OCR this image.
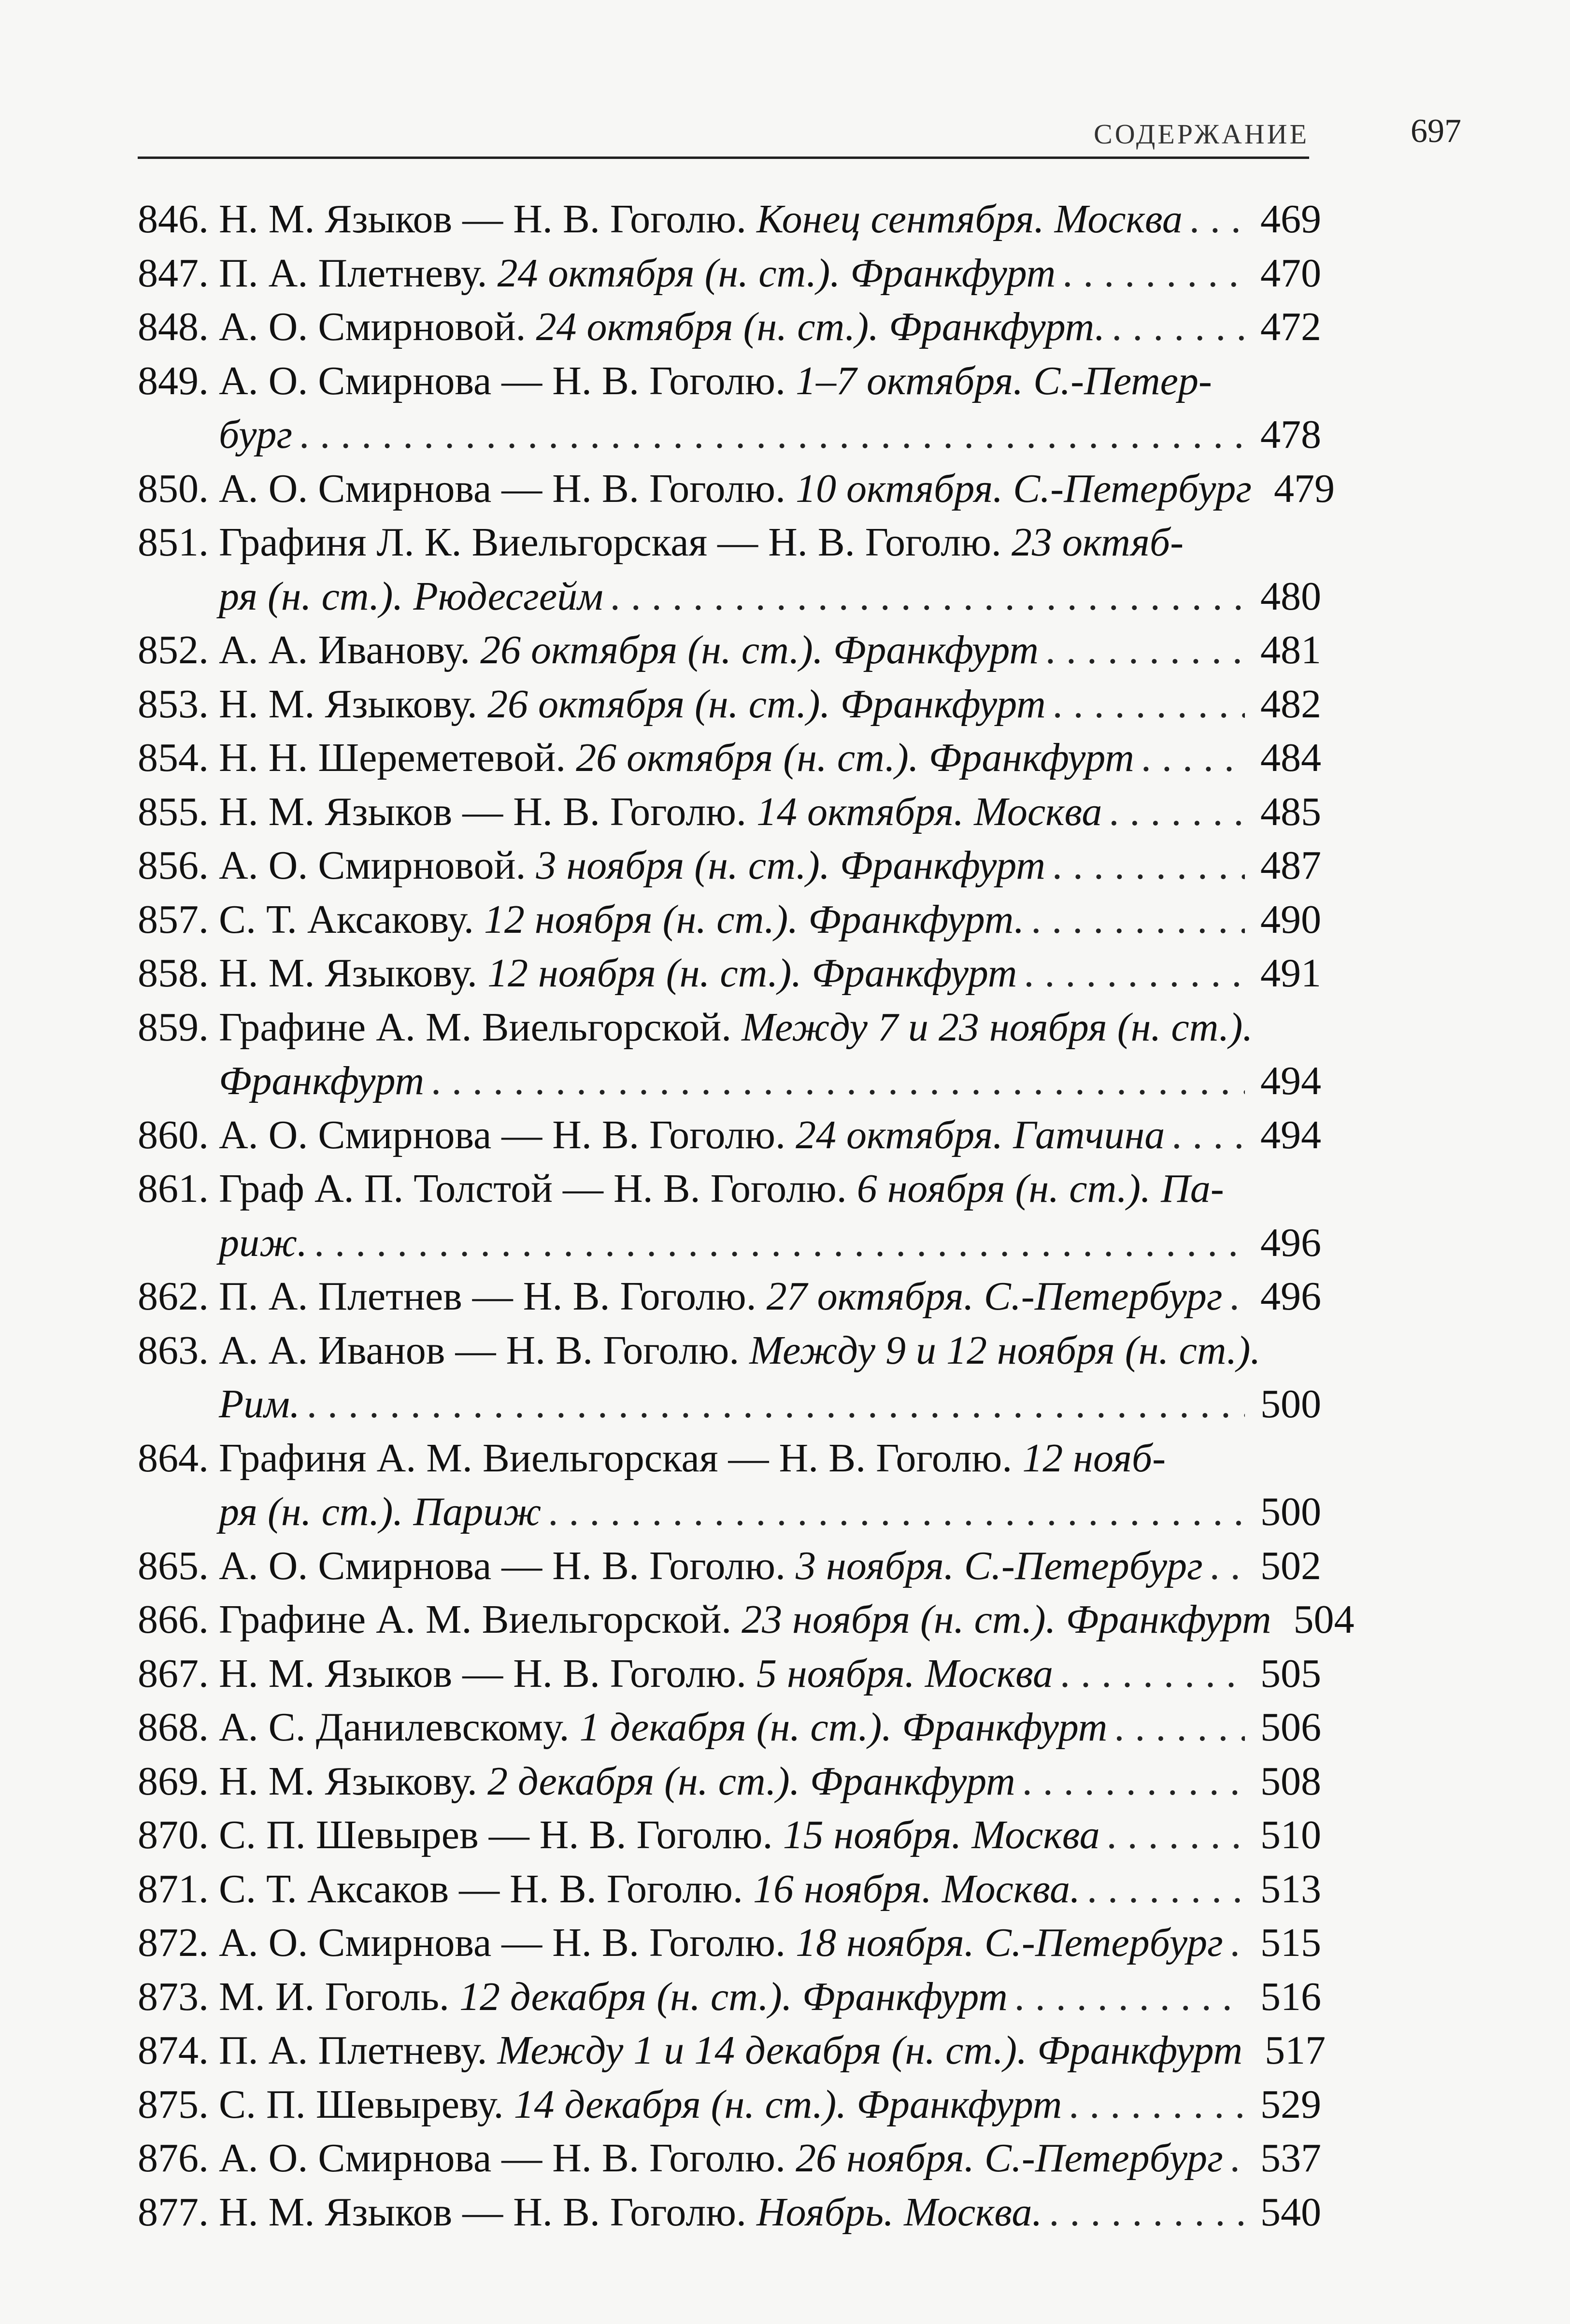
СОДЕРЖАНИЕ	697
846. Н. М. Языков — Н. В. Гоголю. Конец сентября. Москва ..... 469
847. П. А. Плетневу. 24 октября (н. ст.). Франкфурт .....	470
848. А. О. Смирновой. 24 октября (н. ст.). Франкфурт. .....	472
849. А. О. Смирнова — Н. В. Гоголю. 1–7 октября. С.-Петер-
бург .....	478
850. А. О. Смирнова — Н. В. Гоголю. 10 октября. С.-Петербург 479
851. Графиня Л. К. Виельгорская — Н. В. Гоголю. 23 октяб-
ря (н. ст.). Рюдесгейм .....	480
852. А. А. Иванову. 26 октября (н. ст.). Франкфурт .....	481
853. Н. М. Языкову. 26 октября (н. ст.). Франкфурт .....	482
854. Н. Н. Шереметевой. 26 октября (н. ст.). Франкфурт .....	484
855. Н. М. Языков — Н. В. Гоголю. 14 октября. Москва .....	485
856. А. О. Смирновой. 3 ноября (н. ст.). Франкфурт .....	487
857. С. Т. Аксакову. 12 ноября (н. ст.). Франкфурт. .....	490
858. Н. М. Языкову. 12 ноября (н. ст.). Франкфурт .....	491
859. Графине А. М. Виельгорской. Между 7 и 23 ноября (н. ст.).
Франкфурт .....	494
860. А. О. Смирнова — Н. В. Гоголю. 24 октября. Гатчина ..... 494
861. Граф А. П. Толстой — Н. В. Гоголю. 6 ноября (н. ст.). Па-
риж. .....	496
862. П. А. Плетнев — Н. В. Гоголю. 27 октября. С.-Петербург ..... 496
863. А. А. Иванов — Н. В. Гоголю. Между 9 и 12 ноября (н. ст.).
Рим. .....	500
864. Графиня А. М. Виельгорская — Н. В. Гоголю. 12 нояб-
ря (н. ст.). Париж .....	500
865. А. О. Смирнова — Н. В. Гоголю. 3 ноября. С.-Петербург ..... 502
866. Графине А. М. Виельгорской. 23 ноября (н. ст.). Франкфурт 504
867. Н. М. Языков — Н. В. Гоголю. 5 ноября. Москва .....	505
868. А. С. Данилевскому. 1 декабря (н. ст.). Франкфурт .....	506
869. Н. М. Языкову. 2 декабря (н. ст.). Франкфурт .....	508
870. С. П. Шевырев — Н. В. Гоголю. 15 ноября. Москва .....	510
871. С. Т. Аксаков — Н. В. Гоголю. 16 ноября. Москва. .....	513
872. А. О. Смирнова — Н. В. Гоголю. 18 ноября. С.-Петербург ..... 515
873. М. И. Гоголь. 12 декабря (н. ст.). Франкфурт .....	516
874. П. А. Плетневу. Между 1 и 14 декабря (н. ст.). Франкфурт 517
875. С. П. Шевыреву. 14 декабря (н. ст.). Франкфурт .....	529
876. А. О. Смирнова — Н. В. Гоголю. 26 ноября. С.-Петербург ..... 537
877. Н. М. Языков — Н. В. Гоголю. Ноябрь. Москва. .....	540
